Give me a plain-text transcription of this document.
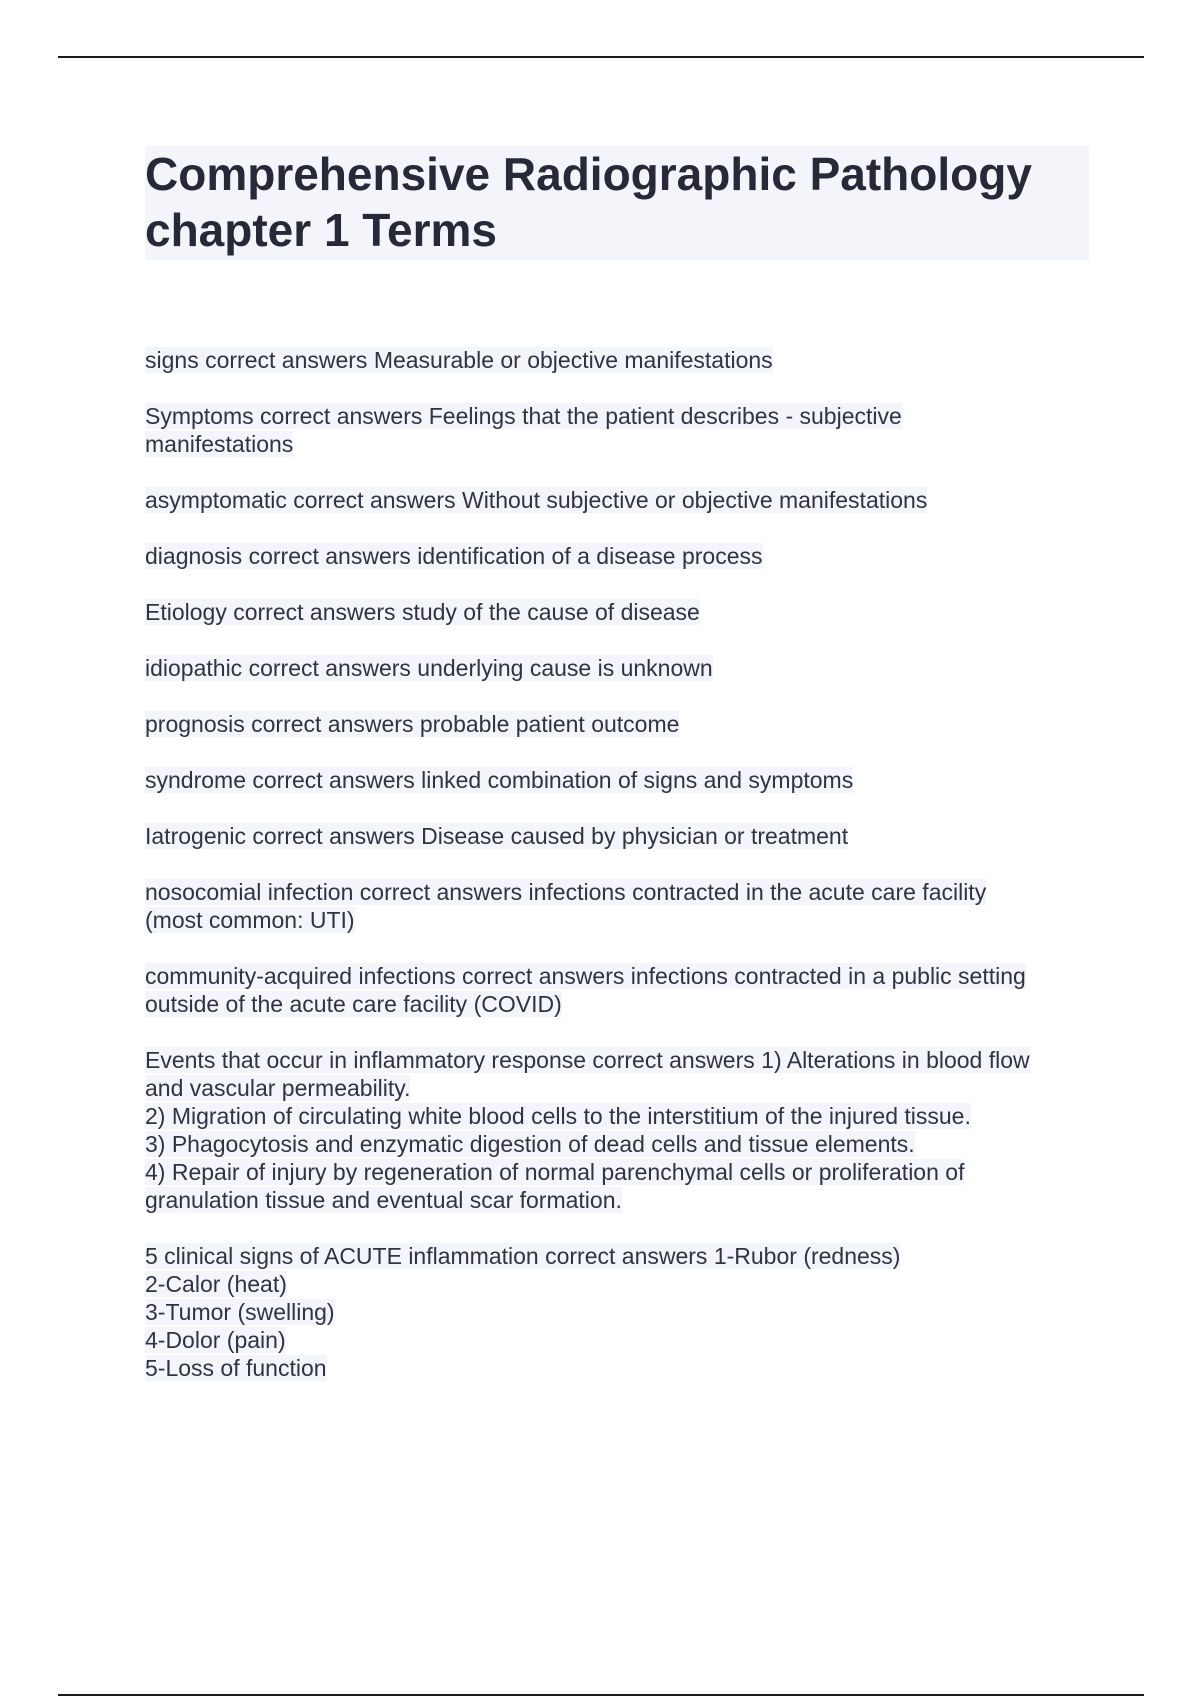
Comprehensive Radiographic Pathology chapter 1 Terms
signs correct answers Measurable or objective manifestations
Symptoms correct answers Feelings that the patient describes - subjective
manifestations
asymptomatic correct answers Without subjective or objective manifestations
diagnosis correct answers identification of a disease process
Etiology correct answers study of the cause of disease
idiopathic correct answers underlying cause is unknown
prognosis correct answers probable patient outcome
syndrome correct answers linked combination of signs and symptoms
Iatrogenic correct answers Disease caused by physician or treatment
nosocomial infection correct answers infections contracted in the acute care facility
(most common: UTI)
community-acquired infections correct answers infections contracted in a public setting
outside of the acute care facility (COVID)
Events that occur in inflammatory response correct answers 1) Alterations in blood flow
and vascular permeability.
2) Migration of circulating white blood cells to the interstitium of the injured tissue.
3) Phagocytosis and enzymatic digestion of dead cells and tissue elements.
4) Repair of injury by regeneration of normal parenchymal cells or proliferation of
granulation tissue and eventual scar formation.
5 clinical signs of ACUTE inflammation correct answers 1-Rubor (redness)
2-Calor (heat)
3-Tumor (swelling)
4-Dolor (pain)
5-Loss of function
